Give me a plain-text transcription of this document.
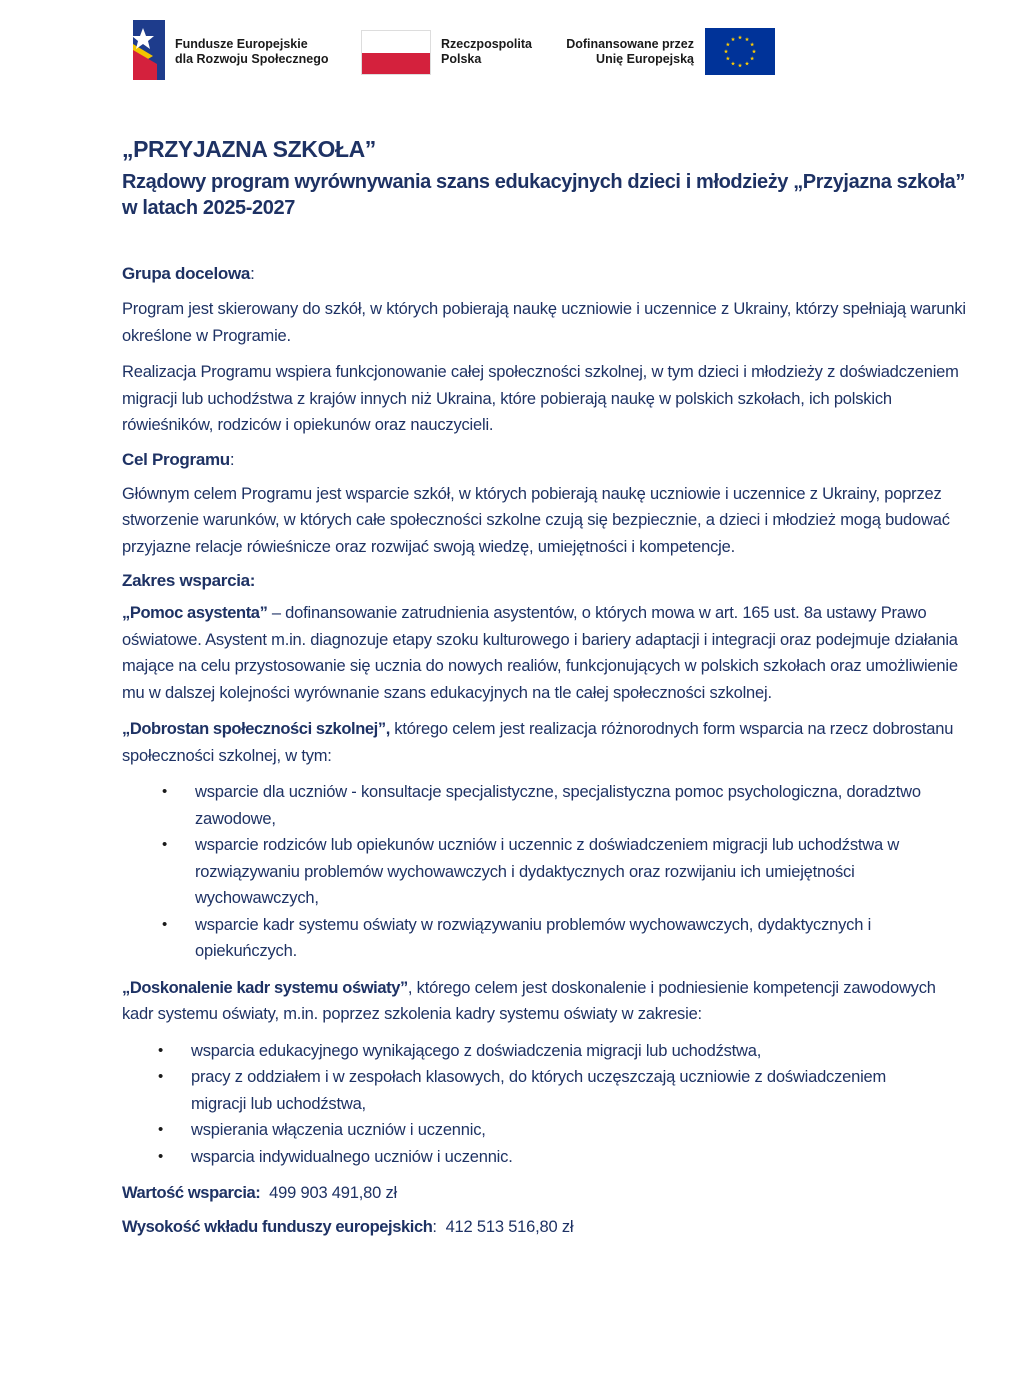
Fundusze Europejskie
dla Rozwoju Społecznego
Rzeczpospolita
Polska
Dofinansowane przez
Unię Europejską
„PRZYJAZNA SZKOŁA”
Rządowy program wyrównywania szans edukacyjnych dzieci i młodzieży „Przyjazna szkoła” w latach 2025-2027
Grupa docelowa:

Program jest skierowany do szkół, w których pobierają naukę uczniowie i uczennice z Ukrainy, którzy spełniają warunki określone w Programie.

Realizacja Programu wspiera funkcjonowanie całej społeczności szkolnej, w tym dzieci i młodzieży z doświadczeniem migracji lub uchodźstwa z krajów innych niż Ukraina, które pobierają naukę w polskich szkołach, ich polskich rówieśników, rodziców i opiekunów oraz nauczycieli.

Cel Programu:

Głównym celem Programu jest wsparcie szkół, w których pobierają naukę uczniowie i uczennice z Ukrainy, poprzez stworzenie warunków, w których całe społeczności szkolne czują się bezpiecznie, a dzieci i młodzież mogą budować przyjazne relacje rówieśnicze oraz rozwijać swoją wiedzę, umiejętności i kompetencje.

Zakres wsparcia:

„Pomoc asystenta” – dofinansowanie zatrudnienia asystentów, o których mowa w art. 165 ust. 8a ustawy Prawo oświatowe. Asystent m.in. diagnozuje etapy szoku kulturowego i bariery adaptacji i integracji oraz podejmuje działania mające na celu przystosowanie się ucznia do nowych realiów, funkcjonujących w polskich szkołach oraz umożliwienie mu w dalszej kolejności wyrównanie szans edukacyjnych na tle całej społeczności szkolnej.

„Dobrostan społeczności szkolnej”, którego celem jest realizacja różnorodnych form wsparcia na rzecz dobrostanu społeczności szkolnej, w tym:

• wsparcie dla uczniów - konsultacje specjalistyczne, specjalistyczna pomoc psychologiczna, doradztwo zawodowe,
• wsparcie rodziców lub opiekunów uczniów i uczennic z doświadczeniem migracji lub uchodźstwa w rozwiązywaniu problemów wychowawczych i dydaktycznych oraz rozwijaniu ich umiejętności wychowawczych,
• wsparcie kadr systemu oświaty w rozwiązywaniu problemów wychowawczych, dydaktycznych i opiekuńczych.

„Doskonalenie kadr systemu oświaty”, którego celem jest doskonalenie i podniesienie kompetencji zawodowych kadr systemu oświaty, m.in. poprzez szkolenia kadry systemu oświaty w zakresie:

• wsparcia edukacyjnego wynikającego z doświadczenia migracji lub uchodźstwa,
• pracy z oddziałem i w zespołach klasowych, do których uczęszczają uczniowie z doświadczeniem migracji lub uchodźstwa,
• wspierania włączenia uczniów i uczennic,
• wsparcia indywidualnego uczniów i uczennic.

Wartość wsparcia: 499 903 491,80 zł

Wysokość wkładu funduszy europejskich: 412 513 516,80 zł
